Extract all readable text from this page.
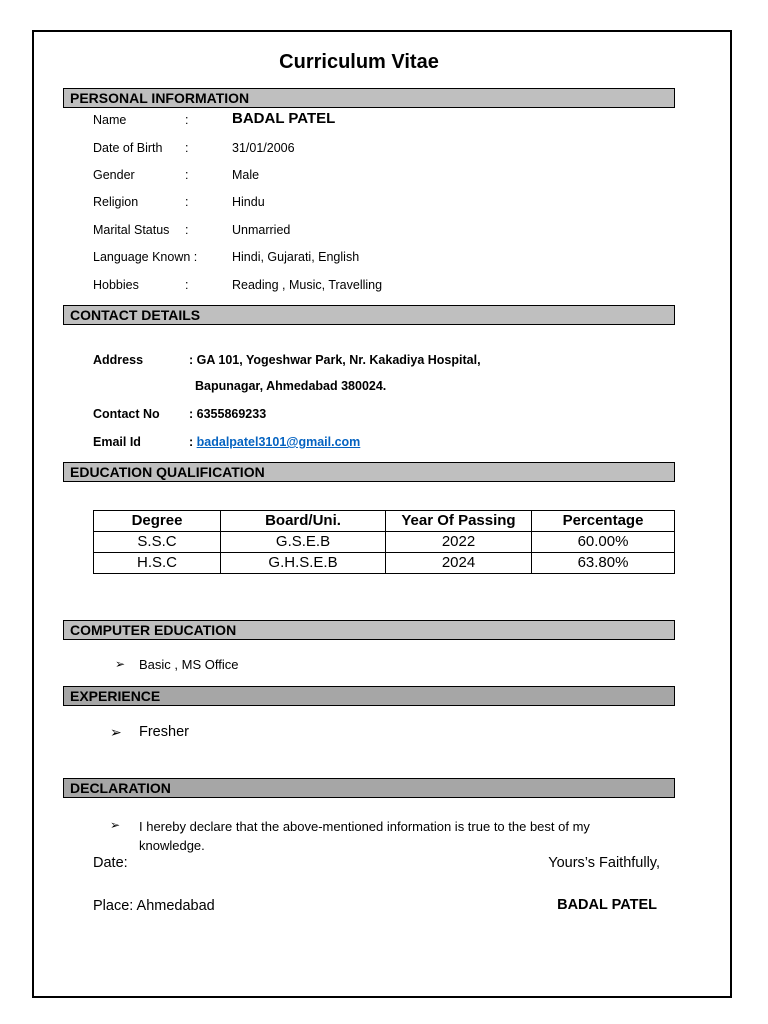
Curriculum Vitae
PERSONAL INFORMATION
Name	:	BADAL PATEL
Date of Birth :	31/01/2006
Gender	:	Male
Religion	:	Hindu
Marital Status :	Unmarried
Language Known :	Hindi, Gujarati, English
Hobbies	:	Reading , Music, Travelling
CONTACT DETAILS
Address	: GA 101, Yogeshwar Park, Nr. Kakadiya Hospital,
Bapunagar, Ahmedabad 380024.
Contact No : 6355869233
Email Id	: badalpatel3101@gmail.com
EDUCATION QUALIFICATION
Degree	Board/Uni.	Year Of Passing	Percentage
S.S.C	G.S.E.B	2022	60.00%
H.S.C	G.H.S.E.B	2024	63.80%
COMPUTER EDUCATION
➢ Basic , MS Office
EXPERIENCE
➢ Fresher
DECLARATION
➢ I hereby declare that the above-mentioned information is true to the best of my knowledge.
Date:	Yours’s Faithfully,
Place: Ahmedabad	BADAL PATEL
